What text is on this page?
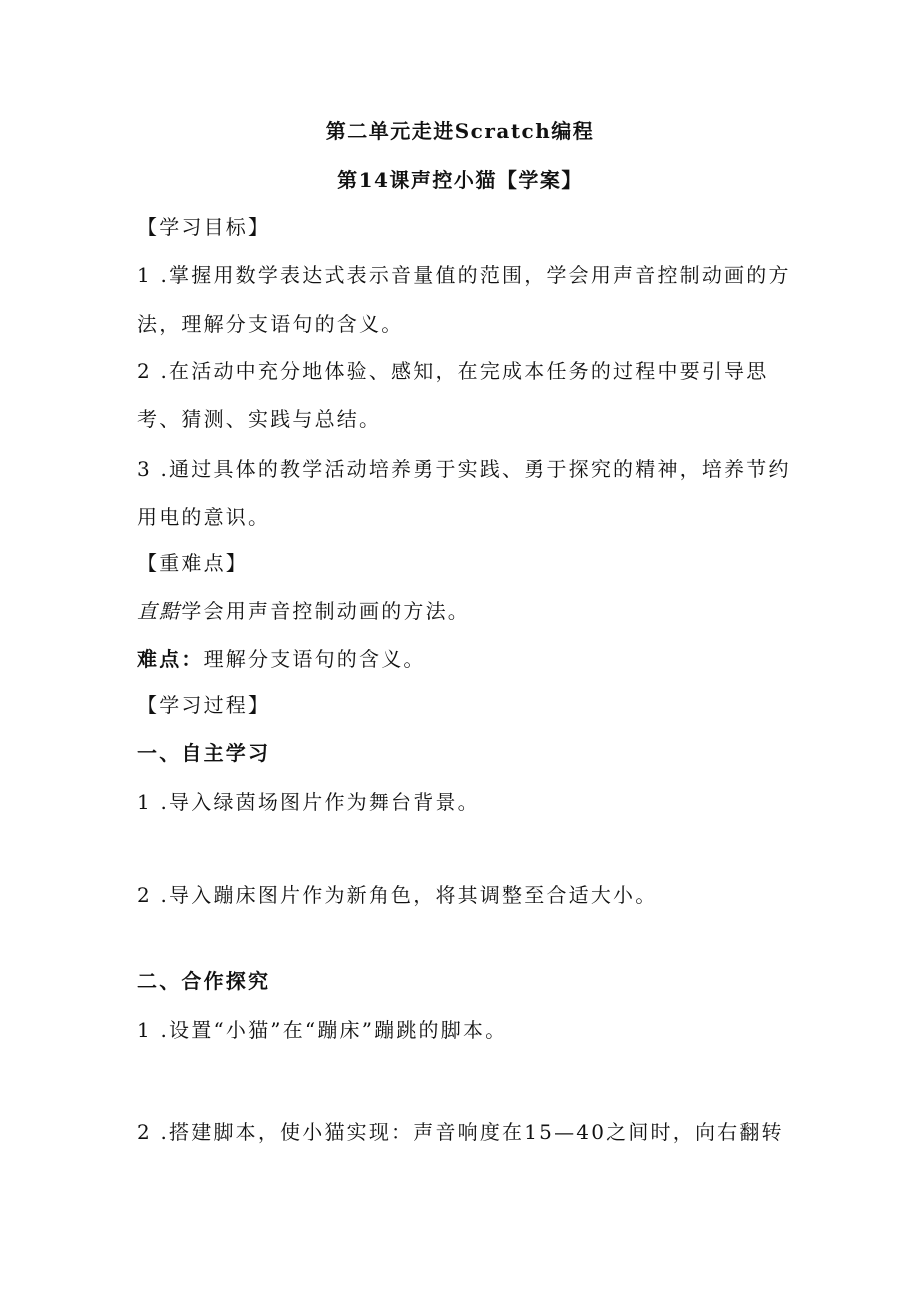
第二单元走进Scratch编程
第14课声控小猫【学案】
【学习目标】
1 .掌握用数学表达式表示音量值的范围，学会用声音控制动画的方
法，理解分支语句的含义。
2 .在活动中充分地体验、感知，在完成本任务的过程中要引导思
考、猜测、实践与总结。
3 .通过具体的教学活动培养勇于实践、勇于探究的精神，培养节约
用电的意识。
【重难点】
直黠学会用声音控制动画的方法。
难点：理解分支语句的含义。
【学习过程】
一、自主学习
1 .导入绿茵场图片作为舞台背景。
2 .导入蹦床图片作为新角色，将其调整至合适大小。
二、合作探究
1 .设置“小猫”在“蹦床”蹦跳的脚本。
2 .搭建脚本，使小猫实现：声音响度在15—40之间时，向右翻转
